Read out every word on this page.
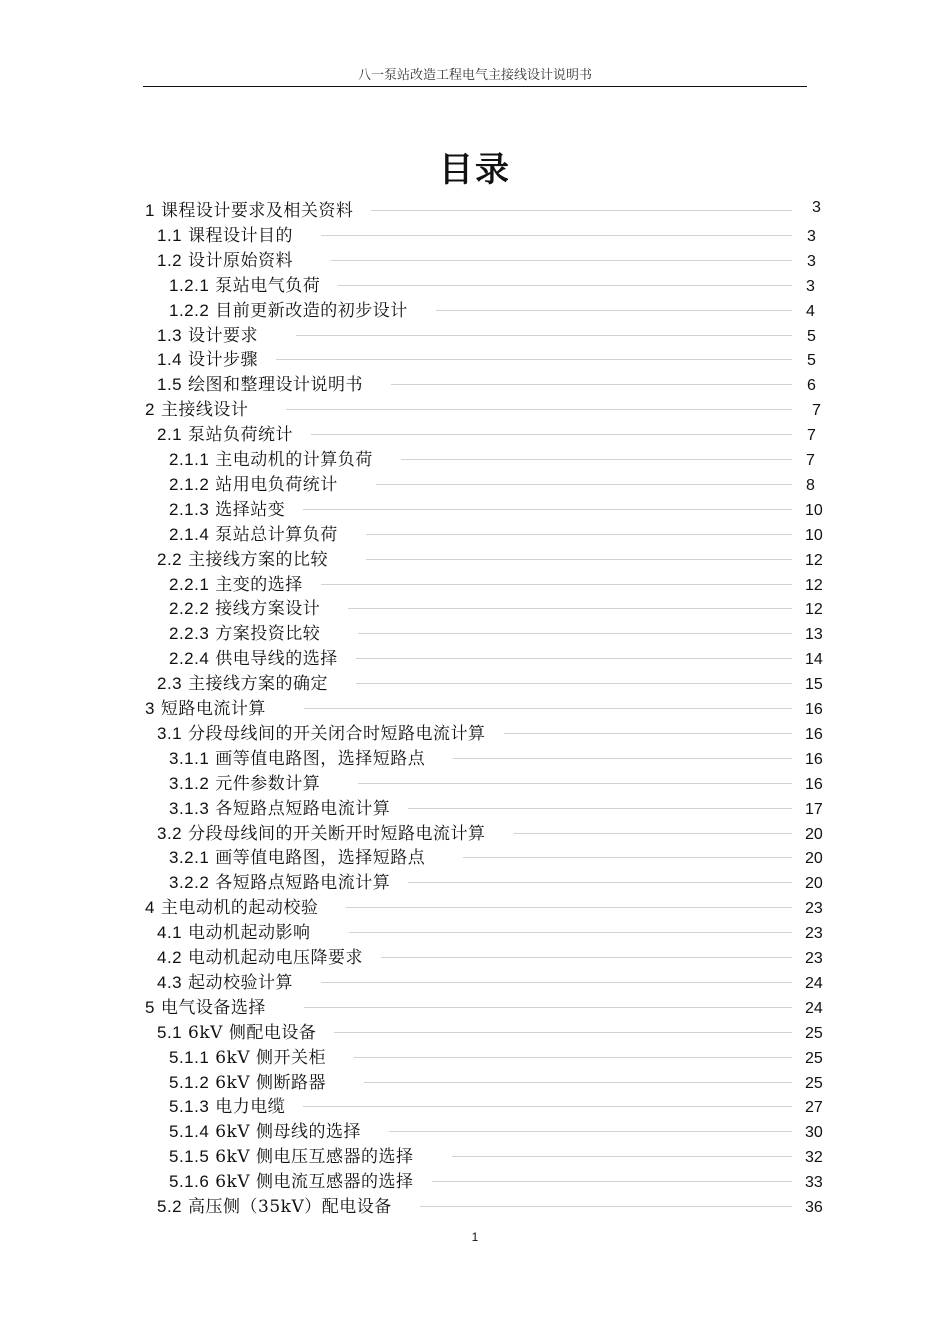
八一泵站改造工程电气主接线设计说明书
目录
1 课程设计要求及相关资料	3
1.1 课程设计目的	3
1.2 设计原始资料	3
1.2.1 泵站电气负荷	3
1.2.2 目前更新改造的初步设计	4
1.3 设计要求	5
1.4 设计步骤	5
1.5 绘图和整理设计说明书	6
2 主接线设计	7
2.1 泵站负荷统计	7
2.1.1 主电动机的计算负荷	7
2.1.2 站用电负荷统计	8
2.1.3 选择站变	10
2.1.4 泵站总计算负荷	10
2.2 主接线方案的比较	12
2.2.1 主变的选择	12
2.2.2 接线方案设计	12
2.2.3 方案投资比较	13
2.2.4 供电导线的选择	14
2.3 主接线方案的确定	15
3 短路电流计算	16
3.1 分段母线间的开关闭合时短路电流计算	16
3.1.1 画等值电路图，选择短路点	16
3.1.2 元件参数计算	16
3.1.3 各短路点短路电流计算	17
3.2 分段母线间的开关断开时短路电流计算	20
3.2.1 画等值电路图，选择短路点	20
3.2.2 各短路点短路电流计算	20
4 主电动机的起动校验	23
4.1 电动机起动影响	23
4.2 电动机起动电压降要求	23
4.3 起动校验计算	24
5 电气设备选择	24
5.1 6kV 侧配电设备	25
5.1.1 6kV 侧开关柜	25
5.1.2 6kV 侧断路器	25
5.1.3 电力电缆	27
5.1.4 6kV 侧母线的选择	30
5.1.5 6kV 侧电压互感器的选择	32
5.1.6 6kV 侧电流互感器的选择	33
5.2 高压侧（35kV）配电设备	36
1
